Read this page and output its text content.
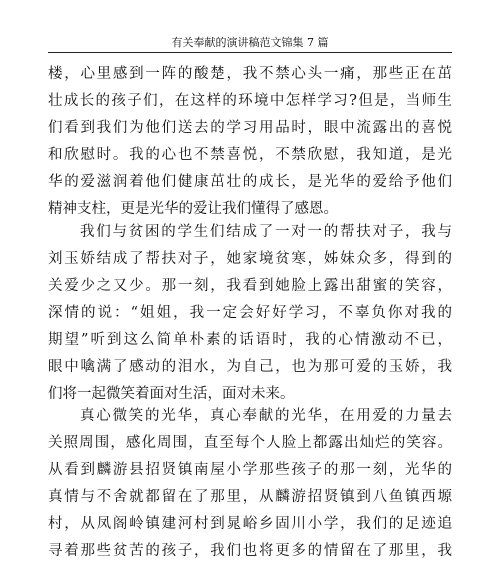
有关奉献的演讲稿范文锦集 7 篇
楼，心里感到一阵的酸楚，我不禁心头一痛，那些正在茁
壮成长的孩子们，在这样的环境中怎样学习?但是，当师生
们看到我们为他们送去的学习用品时，眼中流露出的喜悦
和欣慰时。我的心也不禁喜悦，不禁欣慰，我知道，是光
华的爱滋润着他们健康茁壮的成长，是光华的爱给予他们
精神支柱，更是光华的爱让我们懂得了感恩。
我们与贫困的学生们结成了一对一的帮扶对子，我与
刘玉娇结成了帮扶对子，她家境贫寒，姊妹众多，得到的
关爱少之又少。那一刻，我看到她脸上露出甜蜜的笑容，
深情的说：“姐姐，我一定会好好学习，不辜负你对我的
期望”听到这么简单朴素的话语时，我的心情激动不已，
眼中噙满了感动的泪水，为自己，也为那可爱的玉娇，我
们将一起微笑着面对生活，面对未来。
真心微笑的光华，真心奉献的光华，在用爱的力量去
关照周围，感化周围，直至每个人脸上都露出灿烂的笑容。
从看到麟游县招贤镇南屋小学那些孩子的那一刻，光华的
真情与不舍就都留在了那里，从麟游招贤镇到八鱼镇西塬
村，从凤阁岭镇建河村到晁峪乡固川小学，我们的足迹追
寻着那些贫苦的孩子，我们也将更多的情留在了那里，我
